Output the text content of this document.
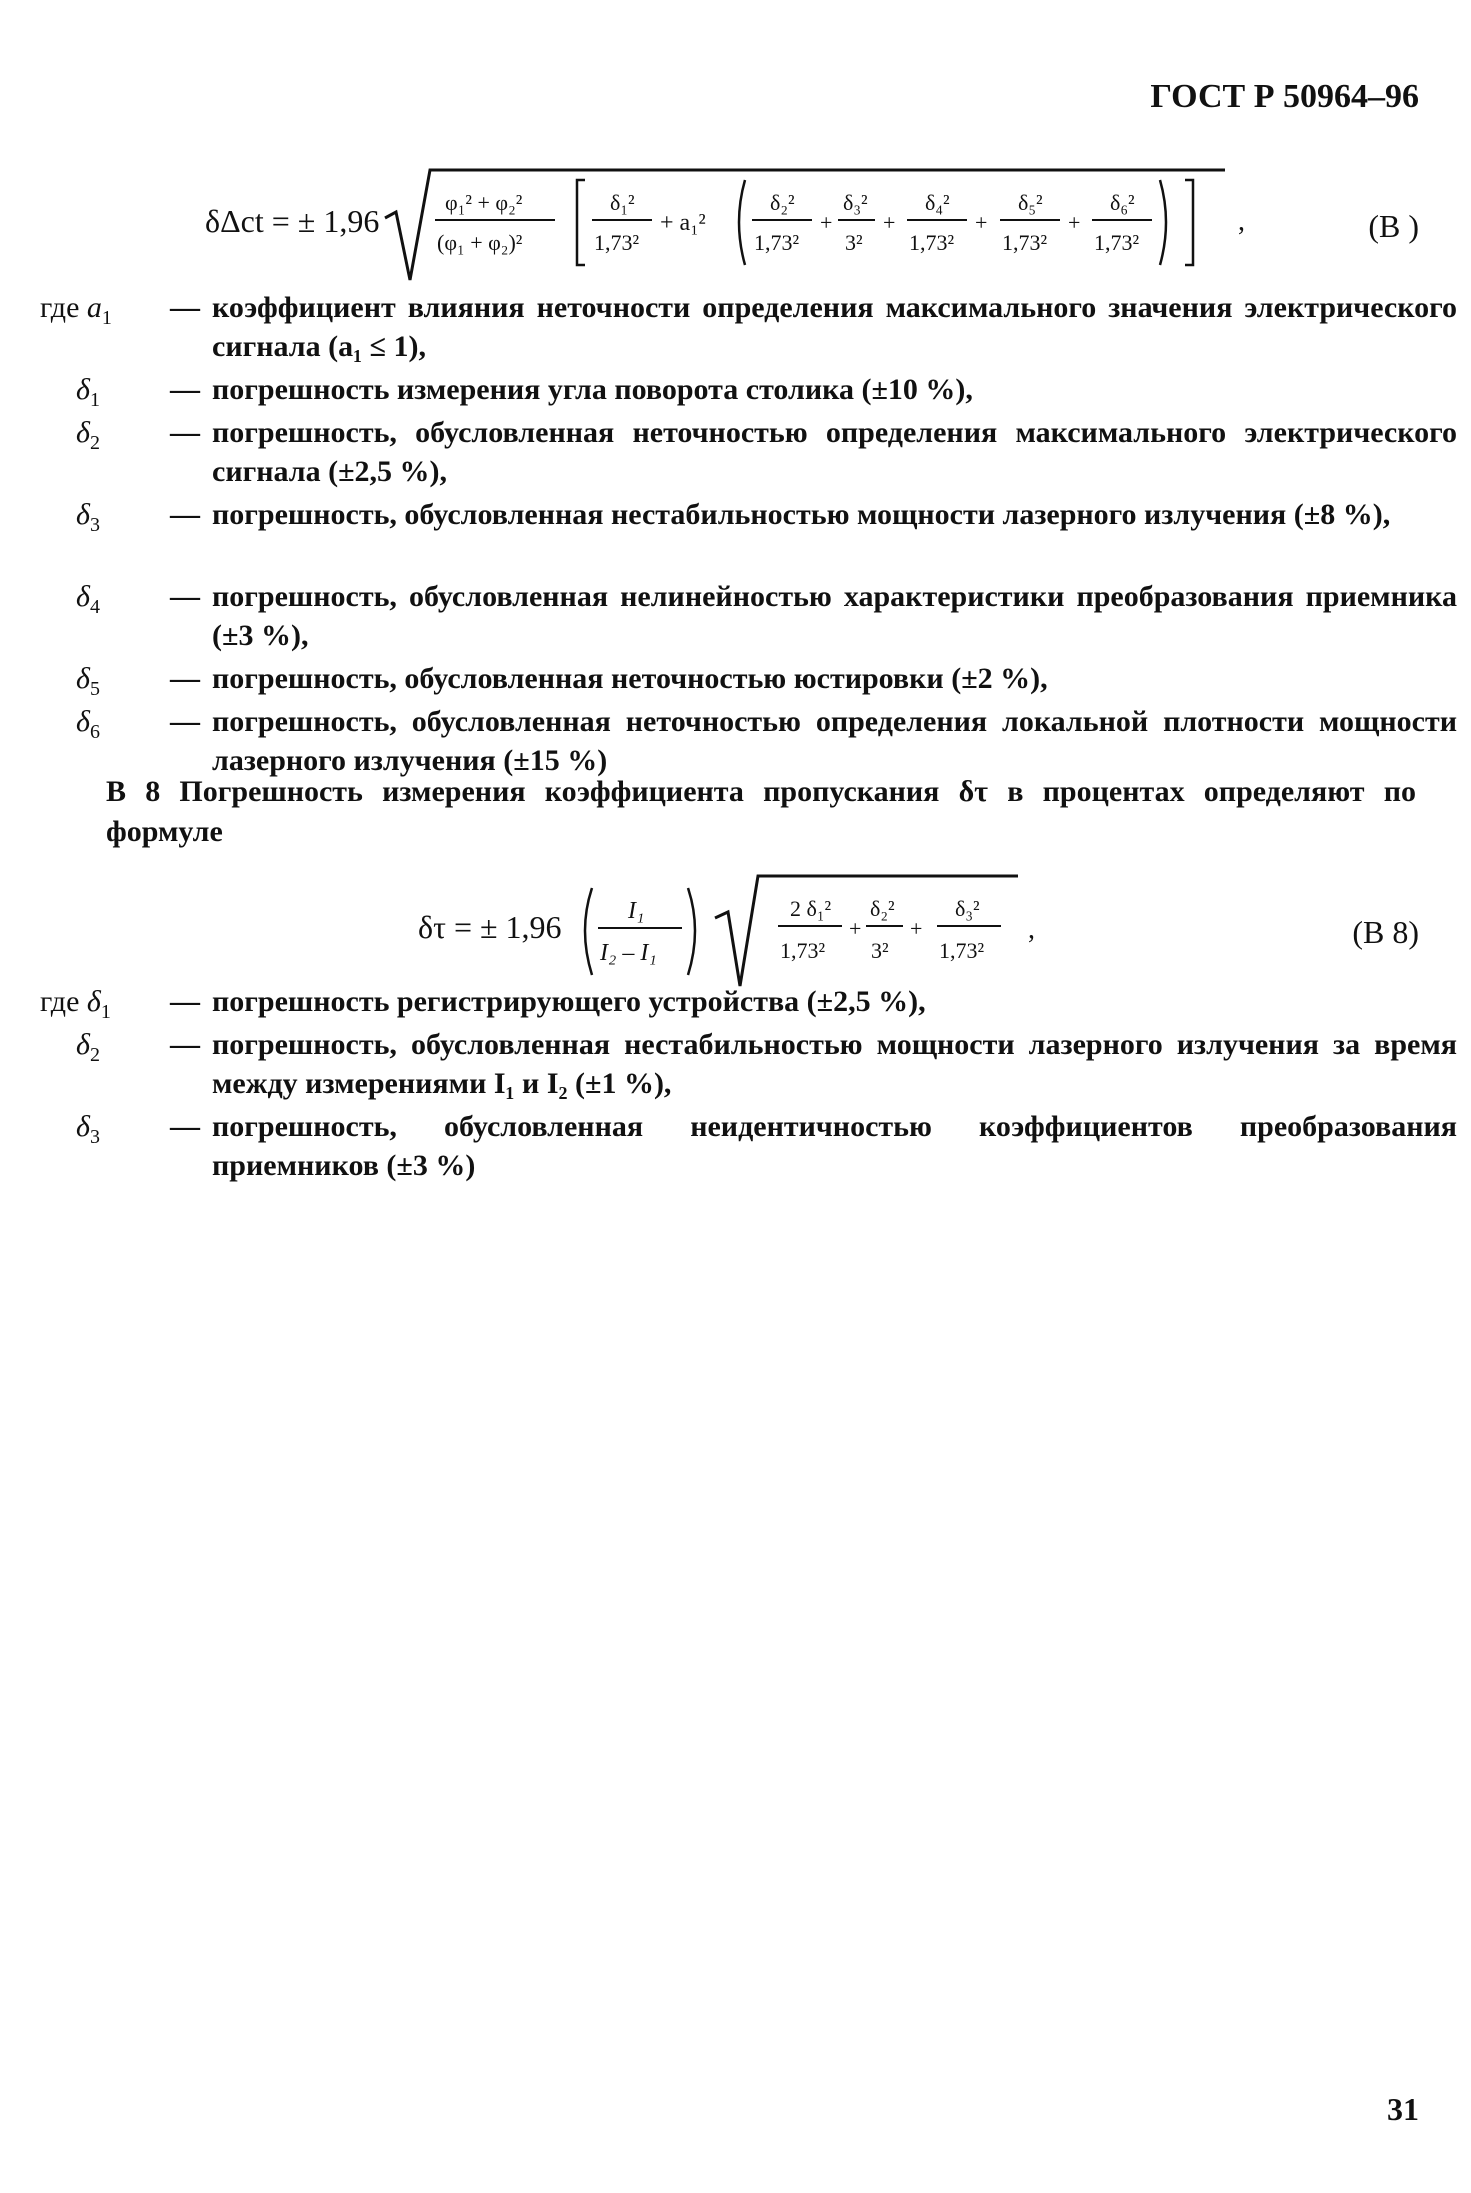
ГОСТ Р 50964–96
δΔct = ± 1,96
φ₁² + φ₂²
(φ₁ + φ₂)²
δ₁²
1,73²
+ a₁²
δ₂²
1,73²
+
δ₃²
3²
+
δ₄²
1,73²
+
δ₅²
1,73²
+
δ₆²
1,73²
,	(В )
где $a_1$	— коэффициент влияния неточности определения максимального значения электрического сигнала (a₁ ≤ 1),
$\delta_1$	— погрешность измерения угла поворота столика (±10 %),
$\delta_2$	— погрешность, обусловленная неточностью определения максимального электрического сигнала (±2,5 %),
$\delta_3$	— погрешность, обусловленная нестабильностью мощности лазерного излучения (±8 %),
$\delta_4$	— погрешность, обусловленная нелинейностью характеристики преобразования приемника (±3 %),
$\delta_5$	— погрешность, обусловленная неточностью юстировки (±2 %),
$\delta_6$	— погрешность, обусловленная неточностью определения локальной плотности мощности лазерного излучения (±15 %)
В 8 Погрешность измерения коэффициента пропускания δτ в процентах определяют по формуле
δτ = ± 1,96	I₁
I₂ – I₁
2 δ₁²
1,73²
+
δ₂²
3²
+
δ₃²
1,73²
,	(В 8)
где $\delta_1$	— погрешность регистрирующего устройства (±2,5 %),
$\delta_2$	— погрешность, обусловленная нестабильностью мощности лазерного излучения за время между измерениями I₁ и I₂ (±1 %),
$\delta_3$	— погрешность, обусловленная неидентичностью коэффициентов преобразования приемников (±3 %)
31
